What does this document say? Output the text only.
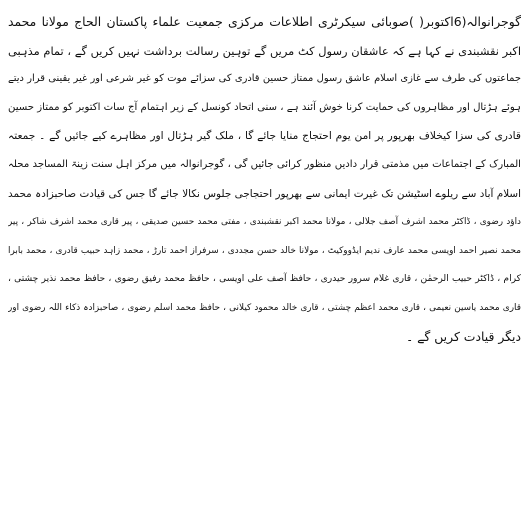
گوجرانوالہ(6اکتوبر( )صوبائی سیکرٹری اطلاعات مرکزی جمعیت علماء پاکستان الحاج مولانا محمد
اکبر نقشبندی نے کہا ہے کہ عاشقان رسول کٹ مریں گے توہین رسالت برداشت نہیں کریں گے ، تمام مذہبی
جماعتوں کی طرف سے غازی اسلام عاشق رسول ممتاز حسین قادری کی سزائے موت کو غیر شرعی اور غیر یقینی قرار دیتے
ہوئے ہڑتال اور مظاہروں کی حمایت کرنا خوش آئند ہے ، سنی اتحاد کونسل کے زیر اہتمام آج سات اکتوبر کو ممتاز حسین
قادری کی سزا کیخلاف بھرپور پر امن یوم احتجاج منایا جائے گا ، ملک گیر ہڑتال اور مظاہرے کیے جائیں گے ۔ جمعتہ
المبارک کے اجتماعات میں مذمتی قرار دادیں منظور کرائی جائیں گی ، گوجرانوالہ میں مرکز اہل سنت زینۃ المساجد محلہ
اسلام آباد سے ریلوے اسٹیشن تک غیرت ایمانی سے بھرپور احتجاجی جلوس نکالا جائے گا جس کی قیادت صاحبزادہ محمد
داؤد رضوی ، ڈاکٹر محمد اشرف آصف جلالی ، مولانا محمد اکبر نقشبندی ، مفتی محمد حسین صدیقی ، پیر قاری محمد اشرف شاکر ، پیر
محمد نصیر احمد اویسی محمد عارف ندیم ایڈووکیٹ ، مولانا خالد حسن مجددی ، سرفراز احمد تارڑ ، محمد زاہد حبیب قادری ، محمد بابرا
کرام ، ڈاکٹر حبیب الرحمٰن ، قاری غلام سرور حیدری ، حافظ آصف علی اویسی ، حافظ محمد رفیق رضوی ، حافظ محمد نذیر چشتی ،
قاری محمد یاسین نعیمی ، قاری محمد اعظم چشتی ، قاری خالد محمود کیلانی ، حافظ محمد اسلم رضوی ، صاحبزادہ ذکاء اللہ رضوی اور
دیگر قیادت کریں گے ۔
